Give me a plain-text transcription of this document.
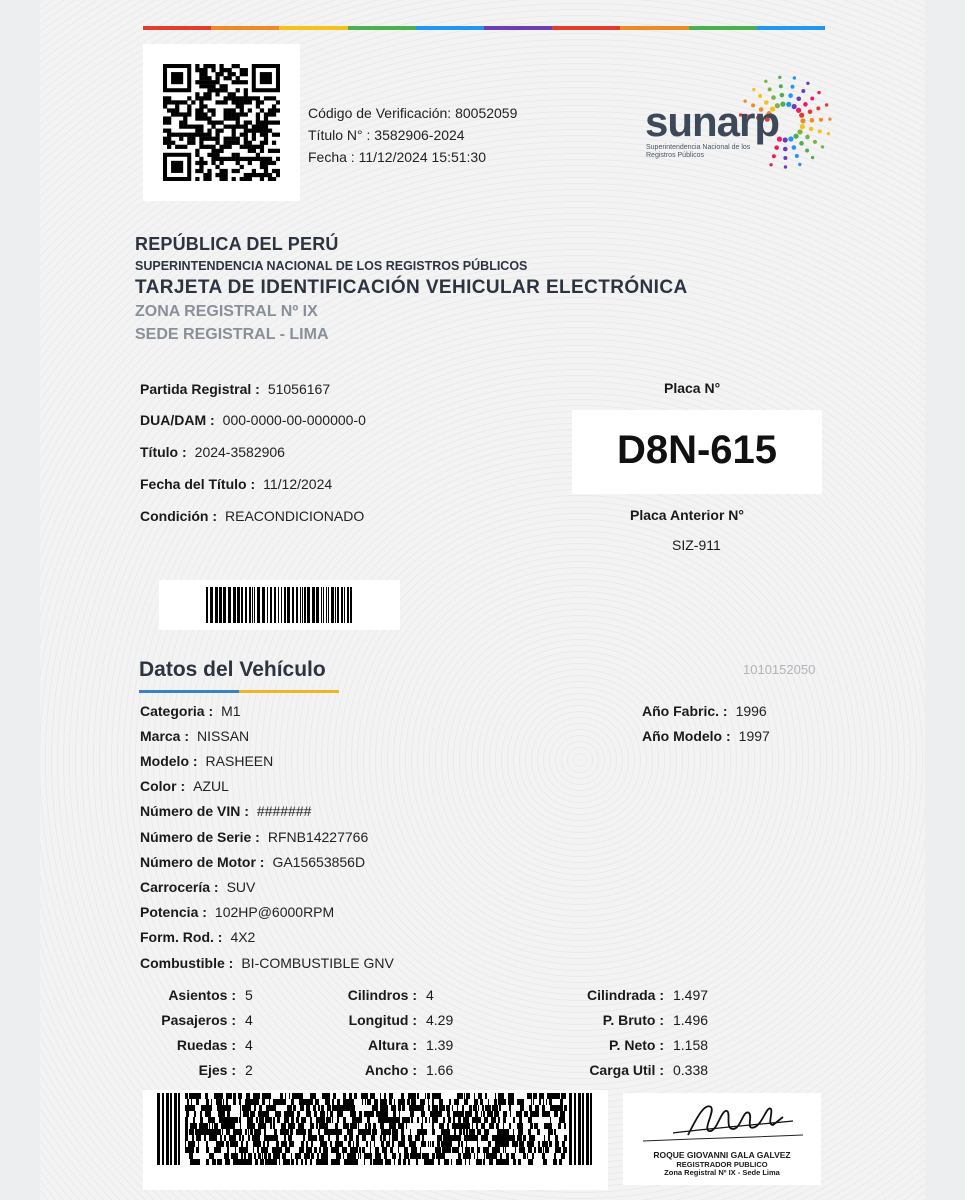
Código de Verificación: 80052059
Título N° : 3582906-2024
Fecha : 11/12/2024 15:51:30
sunarp
Superintendencia Nacional de los Registros Públicos
REPÚBLICA DEL PERÚ
SUPERINTENDENCIA NACIONAL DE LOS REGISTROS PÚBLICOS
TARJETA DE IDENTIFICACIÓN VEHICULAR ELECTRÓNICA
ZONA REGISTRAL Nº IX
SEDE REGISTRAL - LIMA
Partida Registral : 51056167
DUA/DAM : 000-0000-00-000000-0
Título : 2024-3582906
Fecha del Título : 11/12/2024
Condición : REACONDICIONADO
Placa N°
D8N-615
Placa Anterior N°
SIZ-911
Datos del Vehículo	1010152050
Categoria : M1
Marca : NISSAN
Modelo : RASHEEN
Color : AZUL
Número de VIN : #######
Número de Serie : RFNB14227766
Número de Motor : GA15653856D
Carrocería : SUV
Potencia : 102HP@6000RPM
Form. Rod. : 4X2
Combustible : BI-COMBUSTIBLE GNV
Año Fabric. : 1996
Año Modelo : 1997
Asientos : 5
Pasajeros : 4
Ruedas : 4
Ejes : 2
Cilindros : 4
Longitud : 4.29
Altura : 1.39
Ancho : 1.66
Cilindrada : 1.497
P. Bruto : 1.496
P. Neto : 1.158
Carga Util : 0.338
ROQUE GIOVANNI GALA GALVEZ
REGISTRADOR PUBLICO
Zona Registral Nº IX - Sede Lima
